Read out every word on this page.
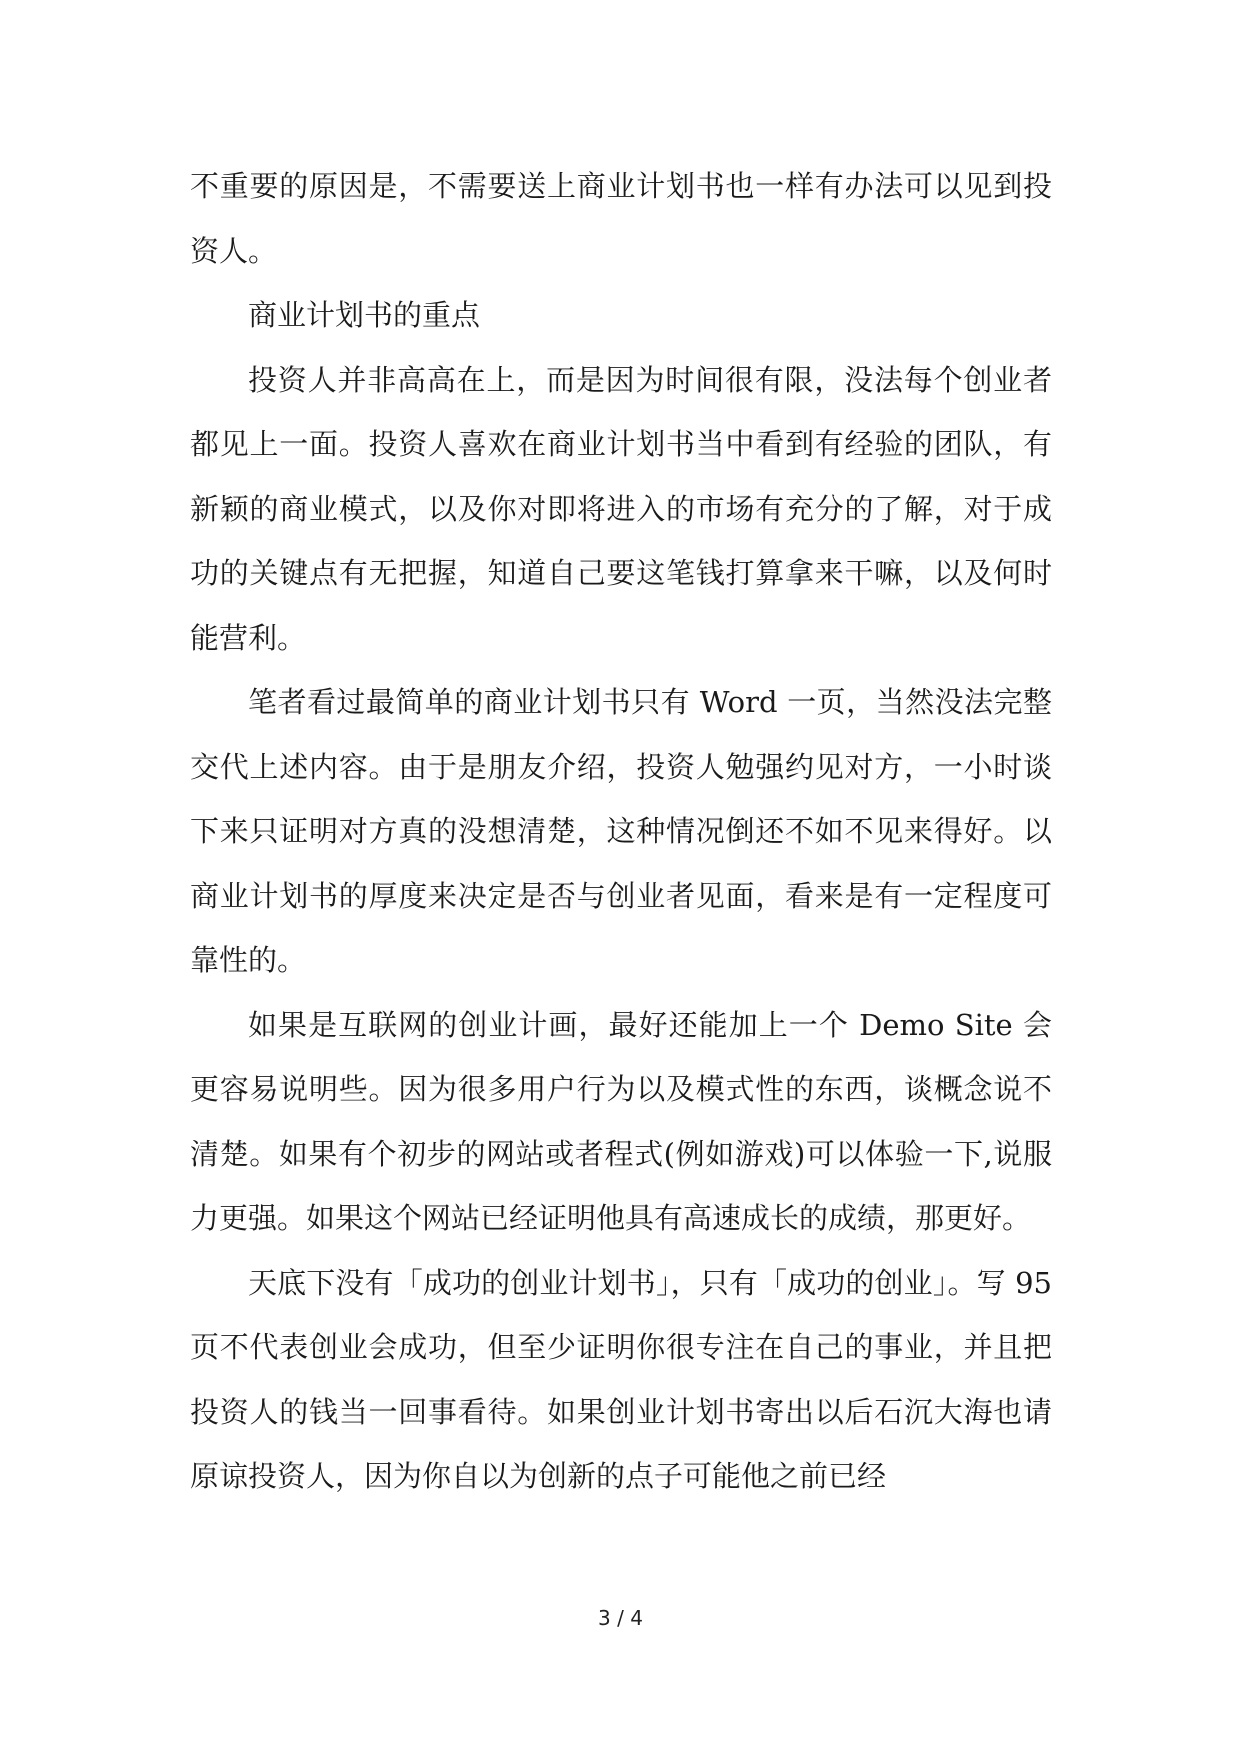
不重要的原因是，不需要送上商业计划书也一样有办法可以见到投资人。

商业计划书的重点

投资人并非高高在上，而是因为时间很有限，没法每个创业者都见上一面。投资人喜欢在商业计划书当中看到有经验的团队，有新颖的商业模式，以及你对即将进入的市场有充分的了解，对于成功的关键点有无把握，知道自己要这笔钱打算拿来干嘛，以及何时能营利。

笔者看过最简单的商业计划书只有 Word 一页，当然没法完整交代上述内容。由于是朋友介绍，投资人勉强约见对方，一小时谈下来只证明对方真的没想清楚，这种情况倒还不如不见来得好。以商业计划书的厚度来决定是否与创业者见面，看来是有一定程度可靠性的。

如果是互联网的创业计画，最好还能加上一个 Demo Site 会更容易说明些。因为很多用户行为以及模式性的东西，谈概念说不清楚。如果有个初步的网站或者程式(例如游戏)可以体验一下,说服力更强。如果这个网站已经证明他具有高速成长的成绩，那更好。

天底下没有「成功的创业计划书」，只有「成功的创业」。写 95 页不代表创业会成功，但至少证明你很专注在自己的事业，并且把投资人的钱当一回事看待。如果创业计划书寄出以后石沉大海也请原谅投资人，因为你自以为创新的点子可能他之前已经

3 / 4
